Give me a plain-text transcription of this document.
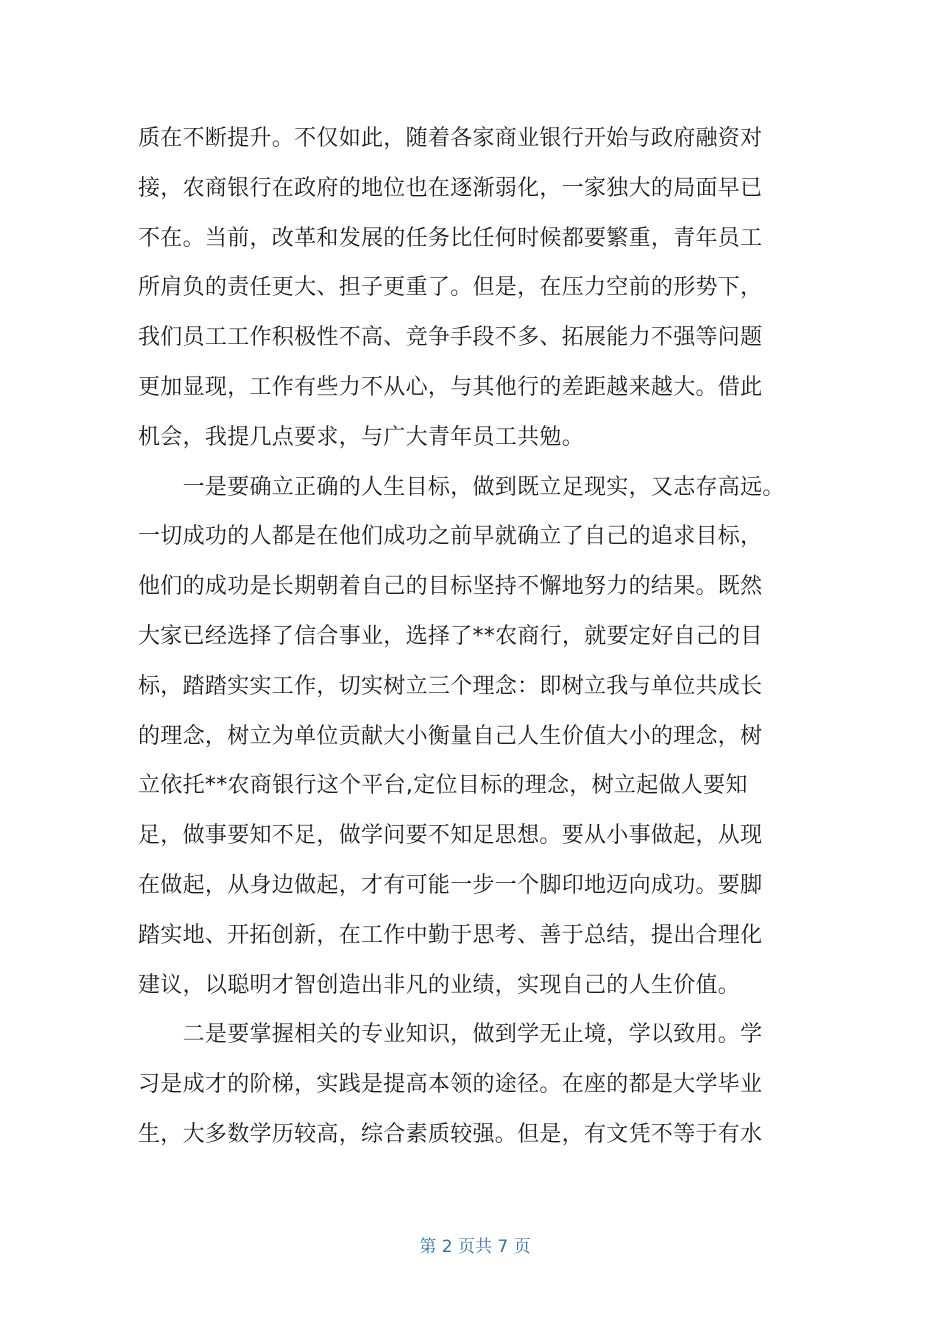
质在不断提升。不仅如此，随着各家商业银行开始与政府融资对
接，农商银行在政府的地位也在逐渐弱化，一家独大的局面早已
不在。当前，改革和发展的任务比任何时候都要繁重，青年员工
所肩负的责任更大、担子更重了。但是，在压力空前的形势下，
我们员工工作积极性不高、竞争手段不多、拓展能力不强等问题
更加显现，工作有些力不从心，与其他行的差距越来越大。借此
机会，我提几点要求，与广大青年员工共勉。
　　一是要确立正确的人生目标，做到既立足现实，又志存高远。
一切成功的人都是在他们成功之前早就确立了自己的追求目标，
他们的成功是长期朝着自己的目标坚持不懈地努力的结果。既然
大家已经选择了信合事业，选择了**农商行，就要定好自己的目
标，踏踏实实工作，切实树立三个理念：即树立我与单位共成长
的理念，树立为单位贡献大小衡量自己人生价值大小的理念，树
立依托**农商银行这个平台,定位目标的理念，树立起做人要知
足，做事要知不足，做学问要不知足思想。要从小事做起，从现
在做起，从身边做起，才有可能一步一个脚印地迈向成功。要脚
踏实地、开拓创新，在工作中勤于思考、善于总结，提出合理化
建议，以聪明才智创造出非凡的业绩，实现自己的人生价值。
　　二是要掌握相关的专业知识，做到学无止境，学以致用。学
习是成才的阶梯，实践是提高本领的途径。在座的都是大学毕业
生，大多数学历较高，综合素质较强。但是，有文凭不等于有水
第 2 页共 7 页
